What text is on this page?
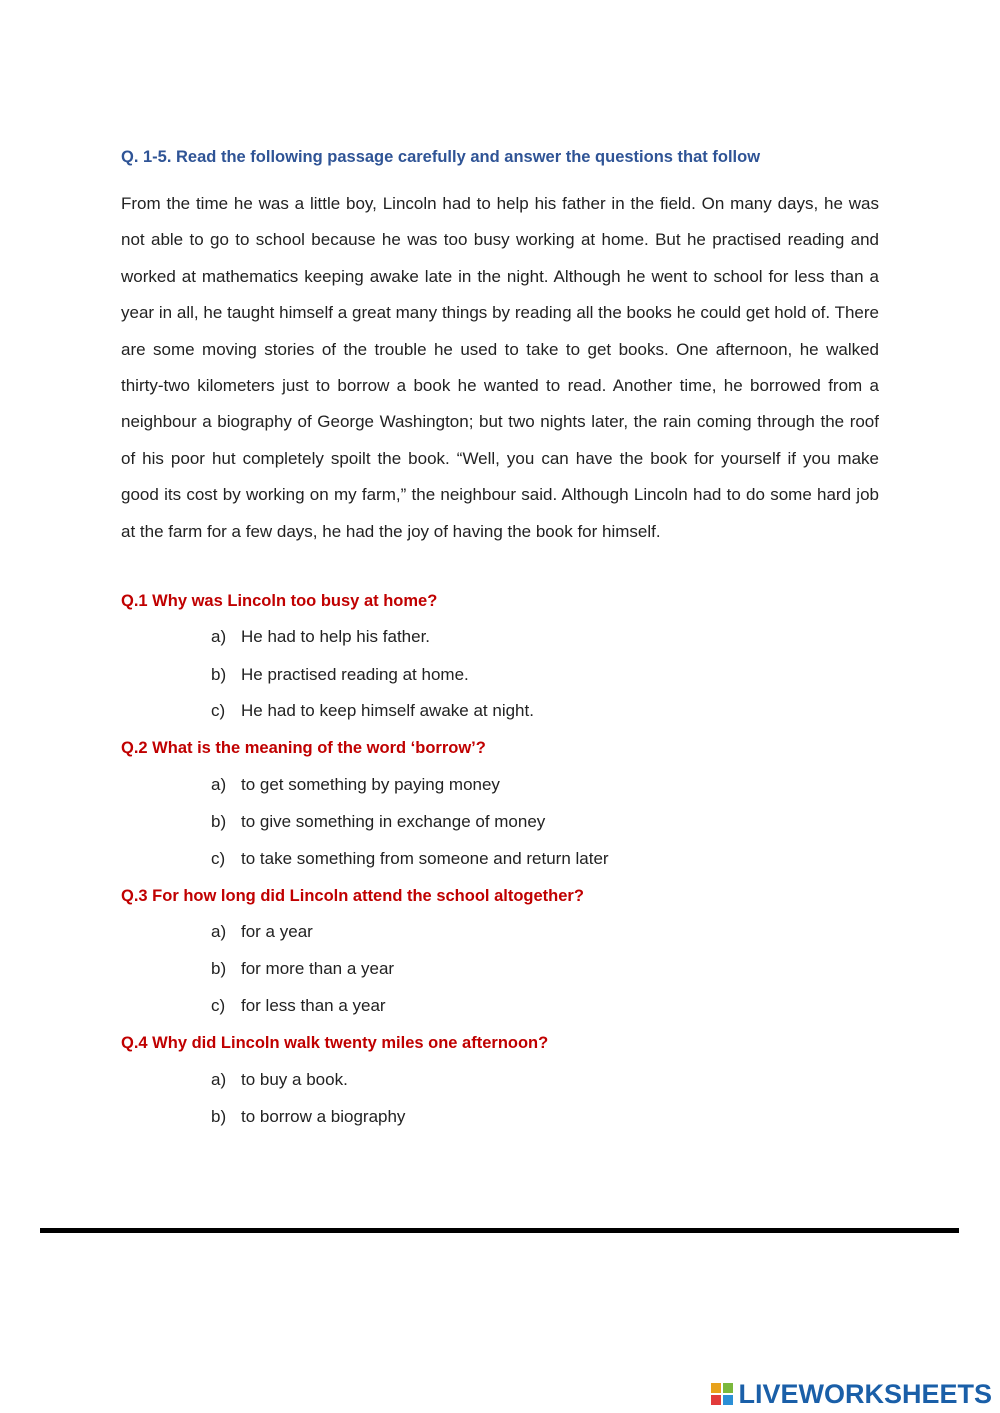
Q. 1-5. Read the following passage carefully and answer the questions that follow

From the time he was a little boy, Lincoln had to help his father in the field. On many days, he was not able to go to school because he was too busy working at home. But he practised reading and worked at mathematics keeping awake late in the night. Although he went to school for less than a year in all, he taught himself a great many things by reading all the books he could get hold of. There are some moving stories of the trouble he used to take to get books. One afternoon, he walked thirty-two kilometers just to borrow a book he wanted to read. Another time, he borrowed from a neighbour a biography of George Washington; but two nights later, the rain coming through the roof of his poor hut completely spoilt the book. “Well, you can have the book for yourself if you make good its cost by working on my farm,” the neighbour said. Although Lincoln had to do some hard job at the farm for a few days, he had the joy of having the book for himself.

Q.1 Why was Lincoln too busy at home?
a) He had to help his father.
b) He practised reading at home.
c) He had to keep himself awake at night.
Q.2 What is the meaning of the word ‘borrow’?
a) to get something by paying money
b) to give something in exchange of money
c) to take something from someone and return later
Q.3 For how long did Lincoln attend the school altogether?
a) for a year
b) for more than a year
c) for less than a year
Q.4 Why did Lincoln walk twenty miles one afternoon?
a) to buy a book.
b) to borrow a biography
LIVEWORKSHEETS
